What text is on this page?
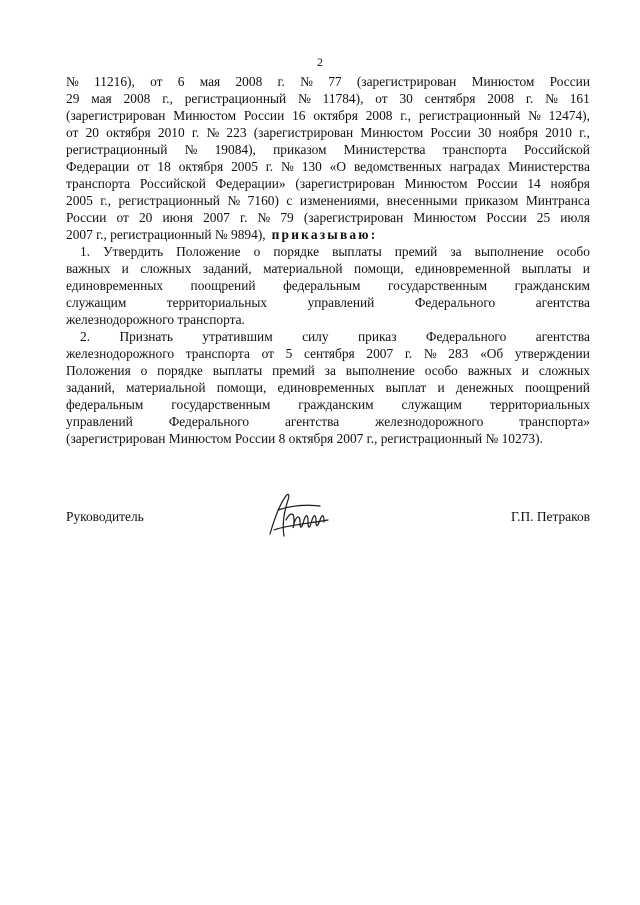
2
№ 11216), от 6 мая 2008 г. № 77 (зарегистрирован Минюстом России
29 мая 2008 г., регистрационный № 11784), от 30 сентября 2008 г. № 161
(зарегистрирован Минюстом России 16 октября 2008 г., регистрационный № 12474),
от 20 октября 2010 г. № 223 (зарегистрирован Минюстом России 30 ноября 2010 г.,
регистрационный № 19084), приказом Министерства транспорта Российской
Федерации от 18 октября 2005 г. № 130 «О ведомственных наградах Министерства
транспорта Российской Федерации» (зарегистрирован Минюстом России 14 ноября
2005 г., регистрационный № 7160) с изменениями, внесенными приказом Минтранса
России от 20 июня 2007 г. № 79 (зарегистрирован Минюстом России 25 июля
2007 г., регистрационный № 9894), приказываю:
1. Утвердить Положение о порядке выплаты премий за выполнение особо
важных и сложных заданий, материальной помощи, единовременной выплаты и
единовременных поощрений федеральным государственным гражданским
служащим	территориальных	управлений	Федерального	агентства
железнодорожного транспорта.
2. Признать утратившим силу приказ Федерального агентства
железнодорожного транспорта от 5 сентября 2007 г. № 283 «Об утверждении
Положения о порядке выплаты премий за выполнение особо важных и сложных
заданий, материальной помощи, единовременных выплат и денежных поощрений
федеральным государственным гражданским служащим территориальных
управлений	Федерального	агентства	железнодорожного	транспорта»
(зарегистрирован Минюстом России 8 октября 2007 г., регистрационный № 10273).
Руководитель	Г.П. Петраков
